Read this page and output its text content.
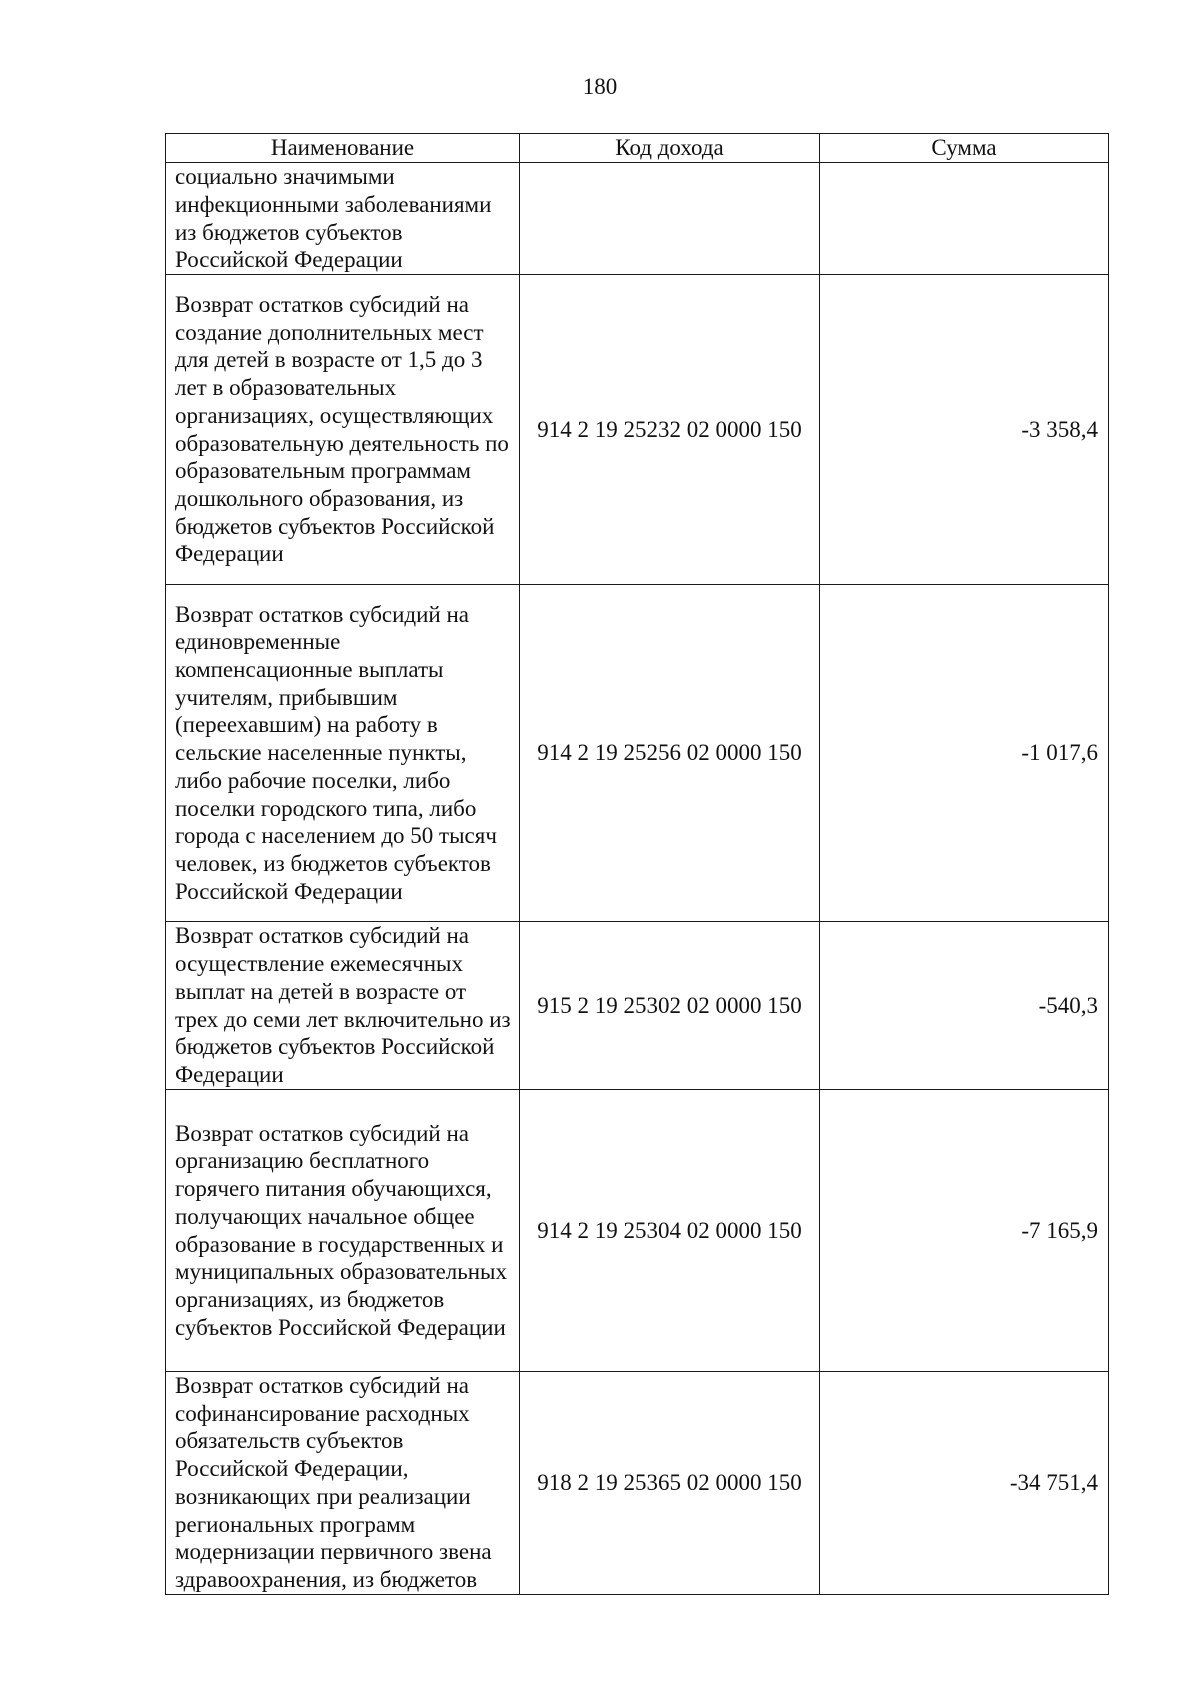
180
Наименование	Код дохода	Сумма
социально значимыми инфекционными заболеваниями из бюджетов субъектов Российской Федерации		
Возврат остатков субсидий на создание дополнительных мест для детей в возрасте от 1,5 до 3 лет в образовательных организациях, осуществляющих образовательную деятельность по образовательным программам дошкольного образования, из бюджетов субъектов Российской Федерации	914 2 19 25232 02 0000 150	-3 358,4
Возврат остатков субсидий на единовременные компенсационные выплаты учителям, прибывшим (переехавшим) на работу в сельские населенные пункты, либо рабочие поселки, либо поселки городского типа, либо города с населением до 50 тысяч человек, из бюджетов субъектов Российской Федерации	914 2 19 25256 02 0000 150	-1 017,6
Возврат остатков субсидий на осуществление ежемесячных выплат на детей в возрасте от трех до семи лет включительно из бюджетов субъектов Российской Федерации	915 2 19 25302 02 0000 150	-540,3
Возврат остатков субсидий на организацию бесплатного горячего питания обучающихся, получающих начальное общее образование в государственных и муниципальных образовательных организациях, из бюджетов субъектов Российской Федерации	914 2 19 25304 02 0000 150	-7 165,9
Возврат остатков субсидий на софинансирование расходных обязательств субъектов Российской Федерации, возникающих при реализации региональных программ модернизации первичного звена здравоохранения, из бюджетов	918 2 19 25365 02 0000 150	-34 751,4
